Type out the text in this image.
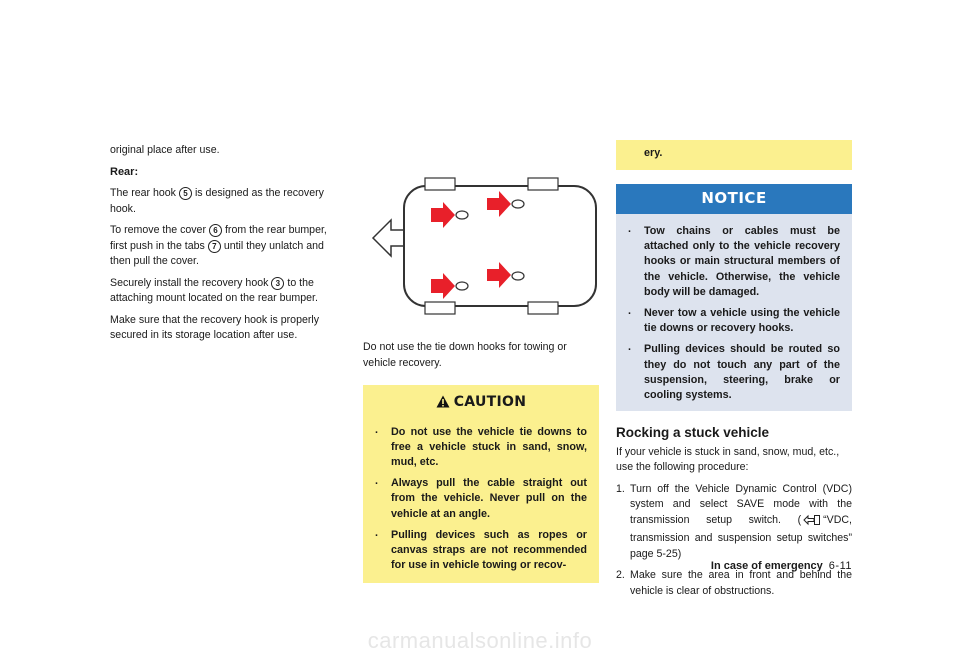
original place after use.

Rear:

The rear hook 5 is designed as the recovery hook.

To remove the cover 6 from the rear bumper, first push in the tabs 7 until they unlatch and then pull the cover.

Securely install the recovery hook 3 to the attaching mount located on the rear bumper.

Make sure that the recovery hook is properly secured in its storage location after use.

Do not use the tie down hooks for towing or vehicle recovery.

CAUTION
. Do not use the vehicle tie downs to free a vehicle stuck in sand, snow, mud, etc.
. Always pull the cable straight out from the vehicle. Never pull on the vehicle at an angle.
. Pulling devices such as ropes or canvas straps are not recommended for use in vehicle towing or recov-
ery.
NOTICE
. Tow chains or cables must be attached only to the vehicle recovery hooks or main structural members of the vehicle. Otherwise, the vehicle body will be damaged.
. Never tow a vehicle using the vehicle tie downs or recovery hooks.
. Pulling devices should be routed so they do not touch any part of the suspension, steering, brake or cooling systems.
Rocking a stuck vehicle

If your vehicle is stuck in sand, snow, mud, etc., use the following procedure:

1. Turn off the Vehicle Dynamic Control (VDC) system and select SAVE mode with the transmission setup switch. ( “VDC, transmission and suspension setup switches” page 5-25)
2. Make sure the area in front and behind the vehicle is clear of obstructions.
In case of emergency 6-11
carmanualsonline.info
